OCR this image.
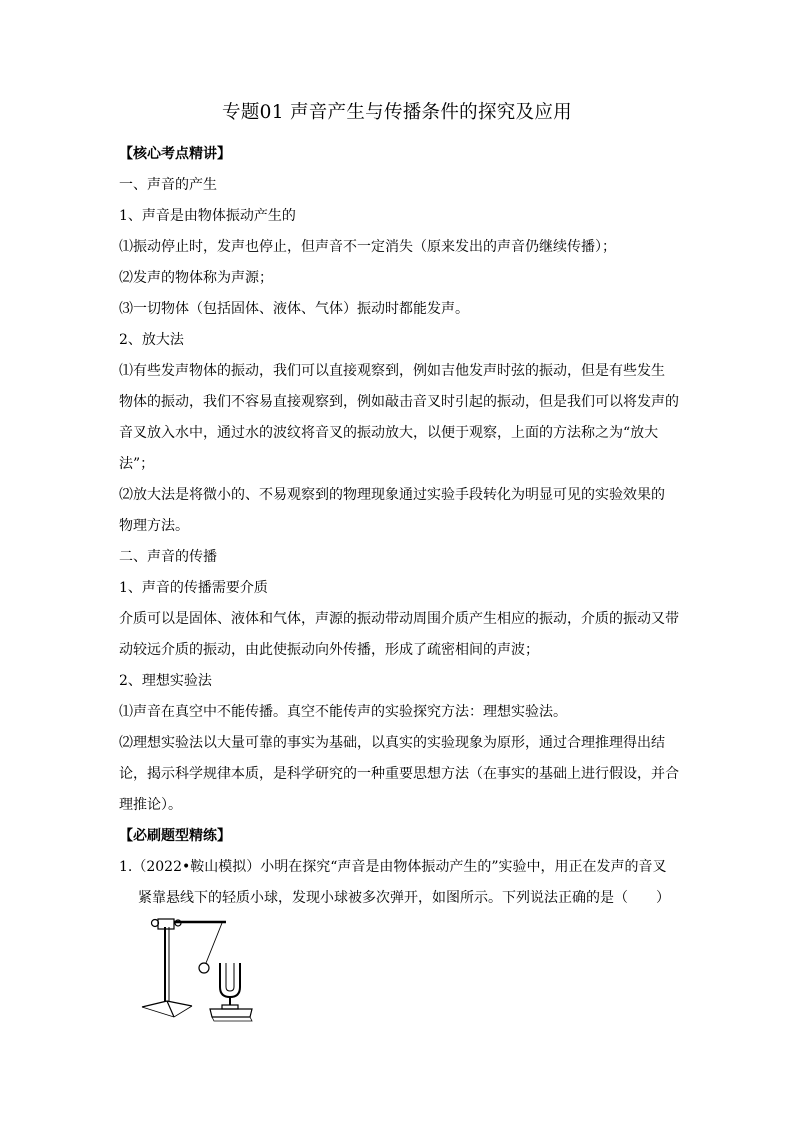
专题01 声音产生与传播条件的探究及应用
【核心考点精讲】
一、声音的产生
1、声音是由物体振动产生的
⑴振动停止时，发声也停止，但声音不一定消失（原来发出的声音仍继续传播）；
⑵发声的物体称为声源；
⑶一切物体（包括固体、液体、气体）振动时都能发声。
2、放大法
⑴有些发声物体的振动，我们可以直接观察到，例如吉他发声时弦的振动，但是有些发生
物体的振动，我们不容易直接观察到，例如敲击音叉时引起的振动，但是我们可以将发声的
音叉放入水中，通过水的波纹将音叉的振动放大，以便于观察，上面的方法称之为“放大
法”；
⑵放大法是将微小的、不易观察到的物理现象通过实验手段转化为明显可见的实验效果的
物理方法。
二、声音的传播
1、声音的传播需要介质
介质可以是固体、液体和气体，声源的振动带动周围介质产生相应的振动，介质的振动又带
动较远介质的振动，由此使振动向外传播，形成了疏密相间的声波；
2、理想实验法
⑴声音在真空中不能传播。真空不能传声的实验探究方法：理想实验法。
⑵理想实验法以大量可靠的事实为基础，以真实的实验现象为原形，通过合理推理得出结
论，揭示科学规律本质，是科学研究的一种重要思想方法（在事实的基础上进行假设，并合
理推论）。
【必刷题型精练】
1.（2022•鞍山模拟）小明在探究“声音是由物体振动产生的”实验中，用正在发声的音叉
紧靠悬线下的轻质小球，发现小球被多次弹开，如图所示。下列说法正确的是（　　）
